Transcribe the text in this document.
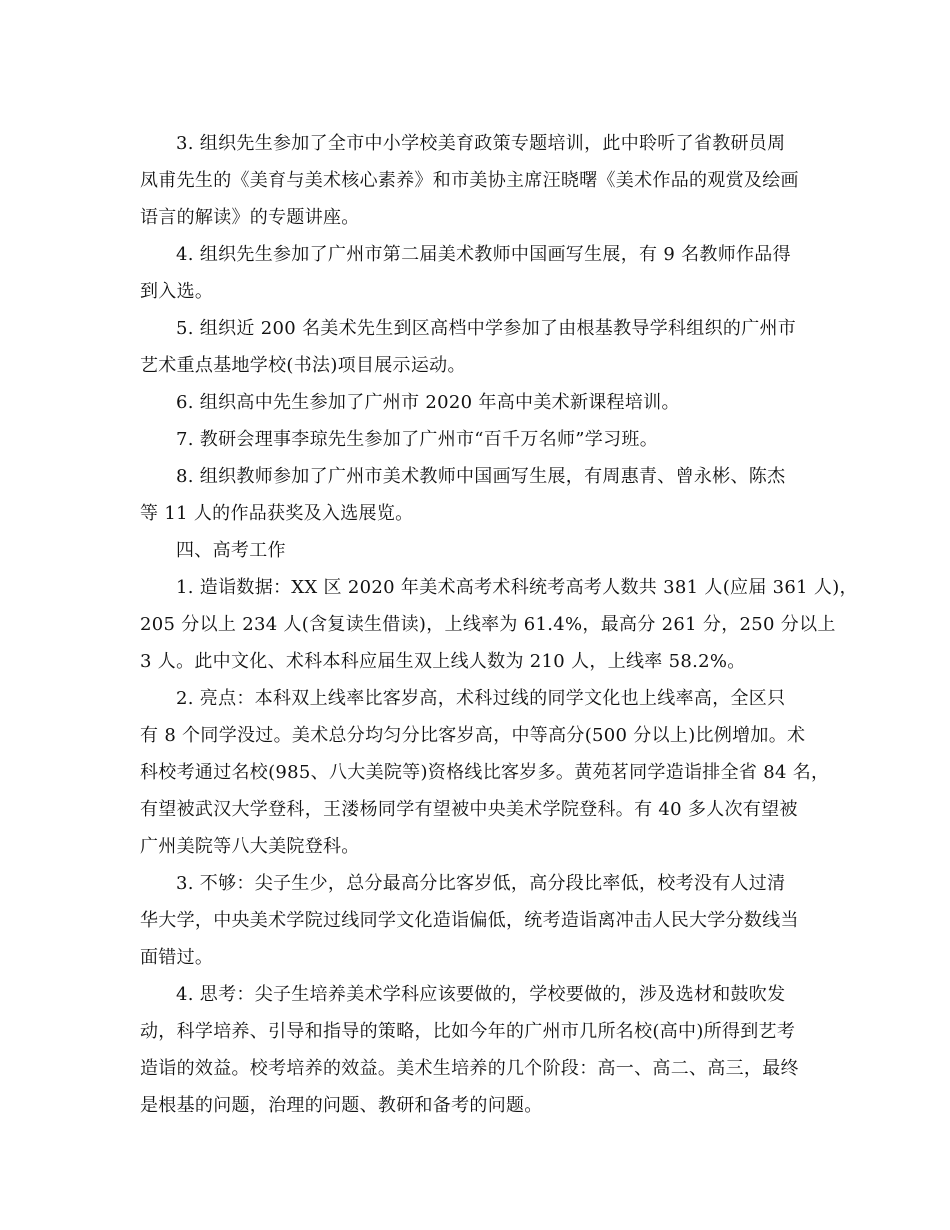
3. 组织先生参加了全市中小学校美育政策专题培训，此中聆听了省教研员周
凤甫先生的《美育与美术核心素养》和市美协主席汪晓曙《美术作品的观赏及绘画
语言的解读》的专题讲座。
4. 组织先生参加了广州市第二届美术教师中国画写生展，有 9 名教师作品得
到入选。
5. 组织近 200 名美术先生到区高档中学参加了由根基教导学科组织的广州市
艺术重点基地学校(书法)项目展示运动。
6. 组织高中先生参加了广州市 2020 年高中美术新课程培训。
7. 教研会理事李琼先生参加了广州市“百千万名师”学习班。
8. 组织教师参加了广州市美术教师中国画写生展，有周惠青、曾永彬、陈杰
等 11 人的作品获奖及入选展览。
四、高考工作
1. 造诣数据：XX 区 2020 年美术高考术科统考高考人数共 381 人(应届 361 人)，
205 分以上 234 人(含复读生借读)，上线率为 61.4%，最高分 261 分，250 分以上
3 人。此中文化、术科本科应届生双上线人数为 210 人，上线率 58.2%。
2. 亮点：本科双上线率比客岁高，术科过线的同学文化也上线率高，全区只
有 8 个同学没过。美术总分均匀分比客岁高，中等高分(500 分以上)比例增加。术
科校考通过名校(985、八大美院等)资格线比客岁多。黄苑茗同学造诣排全省 84 名，
有望被武汉大学登科，王溇杨同学有望被中央美术学院登科。有 40 多人次有望被
广州美院等八大美院登科。
3. 不够：尖子生少，总分最高分比客岁低，高分段比率低，校考没有人过清
华大学，中央美术学院过线同学文化造诣偏低，统考造诣离冲击人民大学分数线当
面错过。
4. 思考：尖子生培养美术学科应该要做的，学校要做的，涉及选材和鼓吹发
动，科学培养、引导和指导的策略，比如今年的广州市几所名校(高中)所得到艺考
造诣的效益。校考培养的效益。美术生培养的几个阶段：高一、高二、高三，最终
是根基的问题，治理的问题、教研和备考的问题。
